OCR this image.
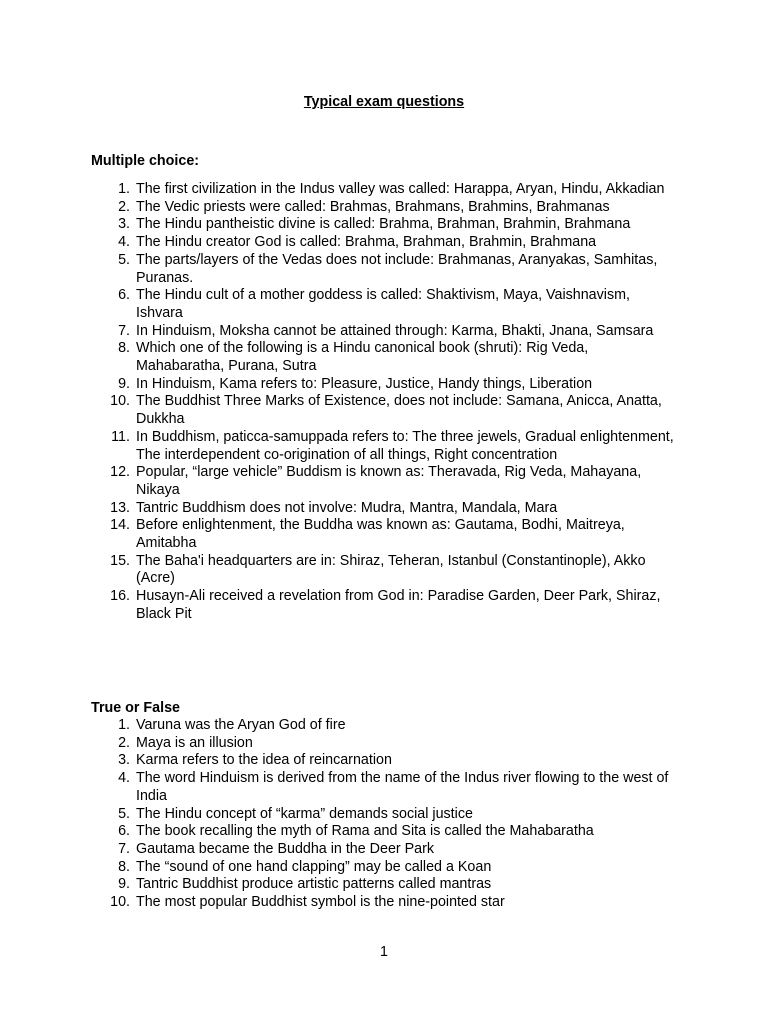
Typical exam questions
Multiple choice:
1. The first civilization in the Indus valley was called: Harappa, Aryan, Hindu, Akkadian
2. The Vedic priests were called: Brahmas, Brahmans, Brahmins, Brahmanas
3. The Hindu pantheistic divine is called: Brahma, Brahman, Brahmin, Brahmana
4. The Hindu creator God is called: Brahma, Brahman, Brahmin, Brahmana
5. The parts/layers of the Vedas does not include: Brahmanas, Aranyakas, Samhitas, Puranas.
6. The Hindu cult of a mother goddess is called: Shaktivism, Maya, Vaishnavism, Ishvara
7. In Hinduism, Moksha cannot be attained through: Karma, Bhakti, Jnana, Samsara
8. Which one of the following is a Hindu canonical book (shruti): Rig Veda, Mahabaratha, Purana, Sutra
9. In Hinduism, Kama refers to: Pleasure, Justice, Handy things, Liberation
10. The Buddhist Three Marks of Existence, does not include: Samana, Anicca, Anatta, Dukkha
11. In Buddhism, paticca-samuppada refers to: The three jewels, Gradual enlightenment, The interdependent co-origination of all things, Right concentration
12. Popular, “large vehicle” Buddism is known as: Theravada, Rig Veda, Mahayana, Nikaya
13. Tantric Buddhism does not involve: Mudra, Mantra, Mandala, Mara
14. Before enlightenment, the Buddha was known as: Gautama, Bodhi, Maitreya, Amitabha
15. The Baha'i headquarters are in: Shiraz, Teheran, Istanbul (Constantinople), Akko (Acre)
16. Husayn-Ali received a revelation from God in: Paradise Garden, Deer Park, Shiraz, Black Pit
True or False
1. Varuna was the Aryan God of fire
2. Maya is an illusion
3. Karma refers to the idea of reincarnation
4. The word Hinduism is derived from the name of the Indus river flowing to the west of India
5. The Hindu concept of “karma” demands social justice
6. The book recalling the myth of Rama and Sita is called the Mahabaratha
7. Gautama became the Buddha in the Deer Park
8. The “sound of one hand clapping” may be called a Koan
9. Tantric Buddhist produce artistic patterns called mantras
10. The most popular Buddhist symbol is the nine-pointed star
1
